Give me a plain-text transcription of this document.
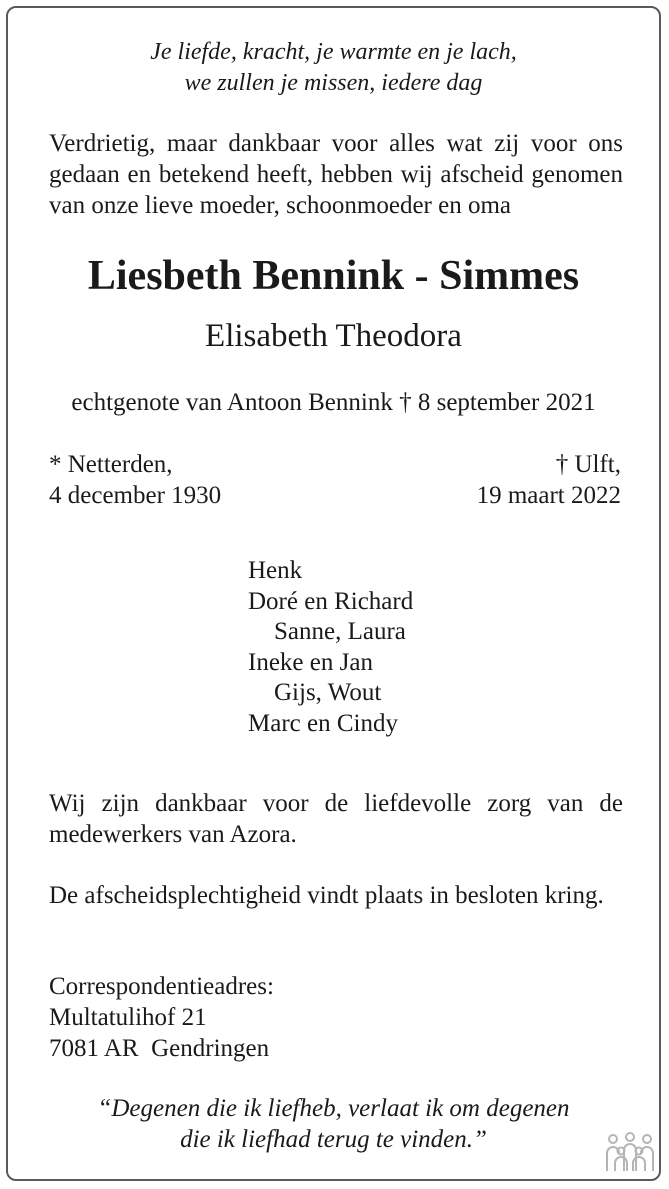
Je liefde, kracht, je warmte en je lach,

we zullen je missen, iedere dag

Verdrietig, maar dankbaar voor alles wat zij voor ons gedaan en betekend heeft, hebben wij afscheid genomen van onze lieve moeder, schoonmoeder en oma

Liesbeth Bennink - Simmes

Elisabeth Theodora

echtgenote van Antoon Bennink † 8 september 2021

* Netterden,

4 december 1930

† Ulft,

19 maart 2022

Henk
Doré en Richard
Sanne, Laura
Ineke en Jan
Gijs, Wout
Marc en Cindy

Wij zijn dankbaar voor de liefdevolle zorg van de medewerkers van Azora.

De afscheidsplechtigheid vindt plaats in besloten kring.

Correspondentieadres:

Multatulihof 21

7081 AR  Gendringen

“Degenen die ik liefheb, verlaat ik om degenen

die ik liefhad terug te vinden.”
